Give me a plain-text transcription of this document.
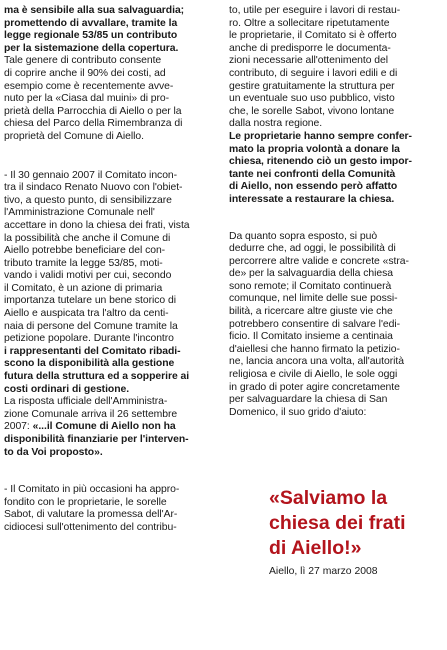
ma è sensibile alla sua salvaguardia;
promettendo di avvallare, tramite la
legge regionale 53/85 un contributo
per la sistemazione della copertura.
Tale genere di contributo consente
di coprire anche il 90% dei costi, ad
esempio come è recentemente avve-
nuto per la «Ciasa dal muini» di pro-
prietà della Parrocchia di Aiello o per la
chiesa del Parco della Rimembranza di
proprietà del Comune di Aiello.
- Il 30 gennaio 2007 il Comitato incon-
tra il sindaco Renato Nuovo con l'obiet-
tivo, a questo punto, di sensibilizzare
l'Amministrazione Comunale nell'
accettare in dono la chiesa dei frati, vista
la possibilità che anche il Comune di
Aiello potrebbe beneficiare del con-
tributo tramite la legge 53/85, moti-
vando i validi motivi per cui, secondo
il Comitato, è un azione di primaria
importanza tutelare un bene storico di
Aiello e auspicata tra l'altro da centi-
naia di persone del Comune tramite la
petizione popolare. Durante l'incontro
i rappresentanti del Comitato ribadi-
scono la disponibilità alla gestione
futura della struttura ed a sopperire ai
costi ordinari di gestione.
La risposta ufficiale dell'Amministra-
zione Comunale arriva il 26 settembre
2007: «...il Comune di Aiello non ha
disponibilità finanziarie per l'interven-
to da Voi proposto».
- Il Comitato in più occasioni ha appro-
fondito con le proprietarie, le sorelle
Sabot, di valutare la promessa dell'Ar-
cidiocesi sull'ottenimento del contribu-
to, utile per eseguire i lavori di restau-
ro. Oltre a sollecitare ripetutamente
le proprietarie, il Comitato si è offerto
anche di predisporre le documenta-
zioni necessarie all'ottenimento del
contributo, di seguire i lavori edili e di
gestire gratuitamente la struttura per
un eventuale suo uso pubblico, visto
che, le sorelle Sabot, vivono lontane
dalla nostra regione.
Le proprietarie hanno sempre confer-
mato la propria volontà a donare la
chiesa, ritenendo ciò un gesto impor-
tante nei confronti della Comunità
di Aiello, non essendo però affatto
interessate a restaurare la chiesa.
Da quanto sopra esposto, si può
dedurre che, ad oggi, le possibilità di
percorrere altre valide e concrete «stra-
de» per la salvaguardia della chiesa
sono remote; il Comitato continuerà
comunque, nel limite delle sue possi-
bilità, a ricercare altre giuste vie che
potrebbero consentire di salvare l'edi-
ficio. Il Comitato insieme a centinaia
d'aiellesi che hanno firmato la petizio-
ne, lancia ancora una volta, all'autorità
religiosa e civile di Aiello, le sole oggi
in grado di poter agire concretamente
per salvaguardare la chiesa di San
Domenico, il suo grido d'aiuto:
«Salviamo la
chiesa dei frati
di Aiello!»
Aiello, lì 27 marzo 2008
